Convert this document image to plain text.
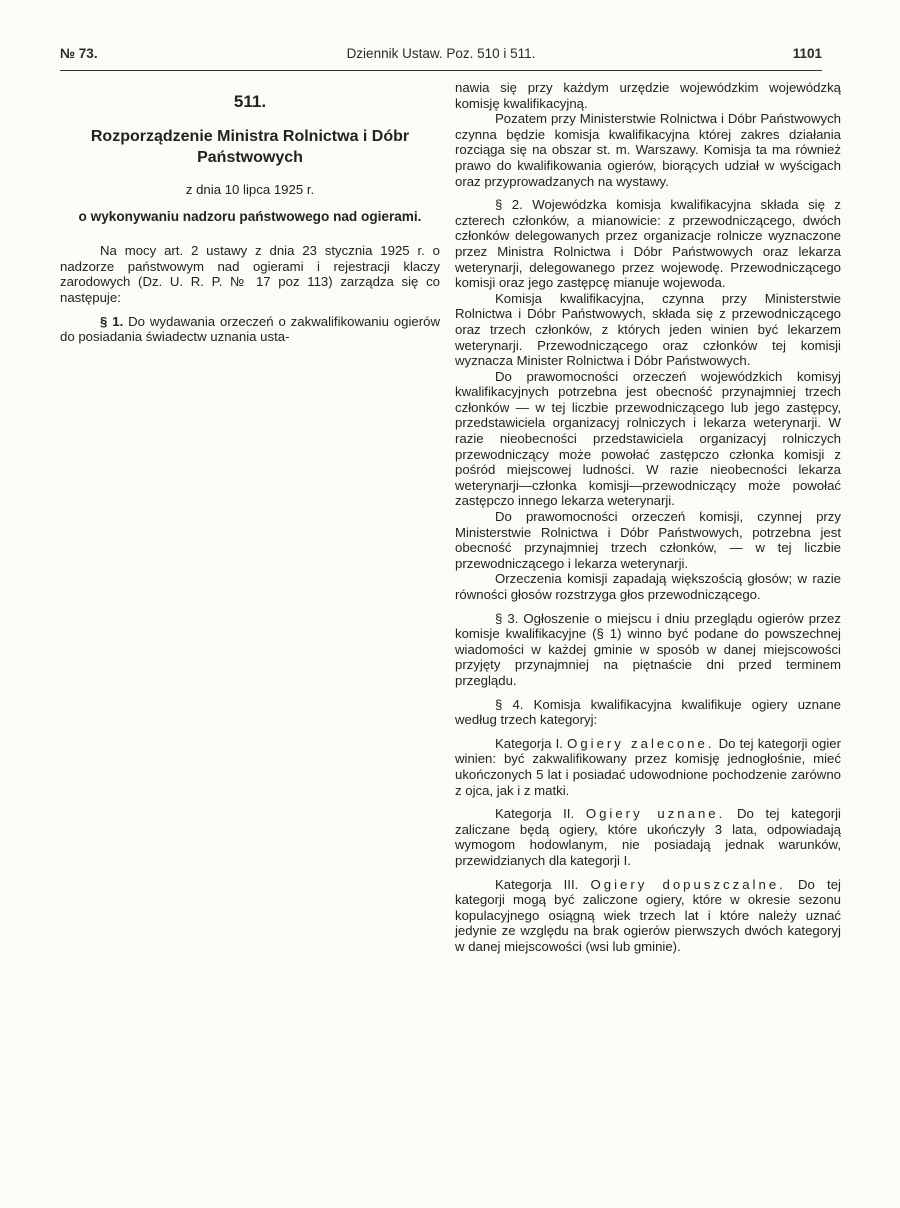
№ 73.	Dziennik Ustaw. Poz. 510 i 511.	1101
511.
Rozporządzenie Ministra Rolnictwa i Dóbr Państwowych
z dnia 10 lipca 1925 r.
o wykonywaniu nadzoru państwowego nad ogierami.

Na mocy art. 2 ustawy z dnia 23 stycznia 1925 r. o nadzorze państwowym nad ogierami i rejestracji klaczy zarodowych (Dz. U. R. P. № 17 poz 113) zarządza się co następuje:

§ 1. Do wydawania orzeczeń o zakwalifikowaniu ogierów do posiadania świadectw uznania usta-

nawia się przy każdym urzędzie wojewódzkim wojewódzką komisję kwalifikacyjną.

Pozatem przy Ministerstwie Rolnictwa i Dóbr Państwowych czynna będzie komisja kwalifikacyjna której zakres działania rozciąga się na obszar st. m. Warszawy. Komisja ta ma również prawo do kwalifikowania ogierów, biorących udział w wyścigach oraz przyprowadzanych na wystawy.

§ 2. Wojewódzka komisja kwalifikacyjna składa się z czterech członków, a mianowicie: z przewodniczącego, dwóch członków delegowanych przez organizacje rolnicze wyznaczone przez Ministra Rolnictwa i Dóbr Państwowych oraz lekarza weterynarji, delegowanego przez wojewodę. Przewodniczącego komisji oraz jego zastępcę mianuje wojewoda.

Komisja kwalifikacyjna, czynna przy Ministerstwie Rolnictwa i Dóbr Państwowych, składa się z przewodniczącego oraz trzech członków, z których jeden winien być lekarzem weterynarji. Przewodniczącego oraz członków tej komisji wyznacza Minister Rolnictwa i Dóbr Państwowych.

Do prawomocności orzeczeń wojewódzkich komisyj kwalifikacyjnych potrzebna jest obecność przynajmniej trzech członków — w tej liczbie przewodniczącego lub jego zastępcy, przedstawiciela organizacyj rolniczych i lekarza weterynarji. W razie nieobecności przedstawiciela organizacyj rolniczych przewodniczący może powołać zastępczo członka komisji z pośród miejscowej ludności. W razie nieobecności lekarza weterynarji—członka komisji—przewodniczący może powołać zastępczo innego lekarza weterynarji.

Do prawomocności orzeczeń komisji, czynnej przy Ministerstwie Rolnictwa i Dóbr Państwowych, potrzebna jest obecność przynajmniej trzech członków, — w tej liczbie przewodniczącego i lekarza weterynarji.

Orzeczenia komisji zapadają większością głosów; w razie równości głosów rozstrzyga głos przewodniczącego.

§ 3. Ogłoszenie o miejscu i dniu przeglądu ogierów przez komisje kwalifikacyjne (§ 1) winno być podane do powszechnej wiadomości w każdej gminie w sposób w danej miejscowości przyjęty przynajmniej na piętnaście dni przed terminem przeglądu.

§ 4. Komisja kwalifikacyjna kwalifikuje ogiery uznane według trzech kategoryj:

Kategorja I. Ogiery zalecone. Do tej kategorji ogier winien: być zakwalifikowany przez komisję jednogłośnie, mieć ukończonych 5 lat i posiadać udowodnione pochodzenie zarówno z ojca, jak i z matki.

Kategorja II. Ogiery uznane. Do tej kategorji zaliczane będą ogiery, które ukończyły 3 lata, odpowiadają wymogom hodowlanym, nie posiadają jednak warunków, przewidzianych dla kategorji I.

Kategorja III. Ogiery dopuszczalne. Do tej kategorji mogą być zaliczone ogiery, które w okresie sezonu kopulacyjnego osiągną wiek trzech lat i które należy uznać jedynie ze względu na brak ogierów pierwszych dwóch kategoryj w danej miejscowości (wsi lub gminie).
